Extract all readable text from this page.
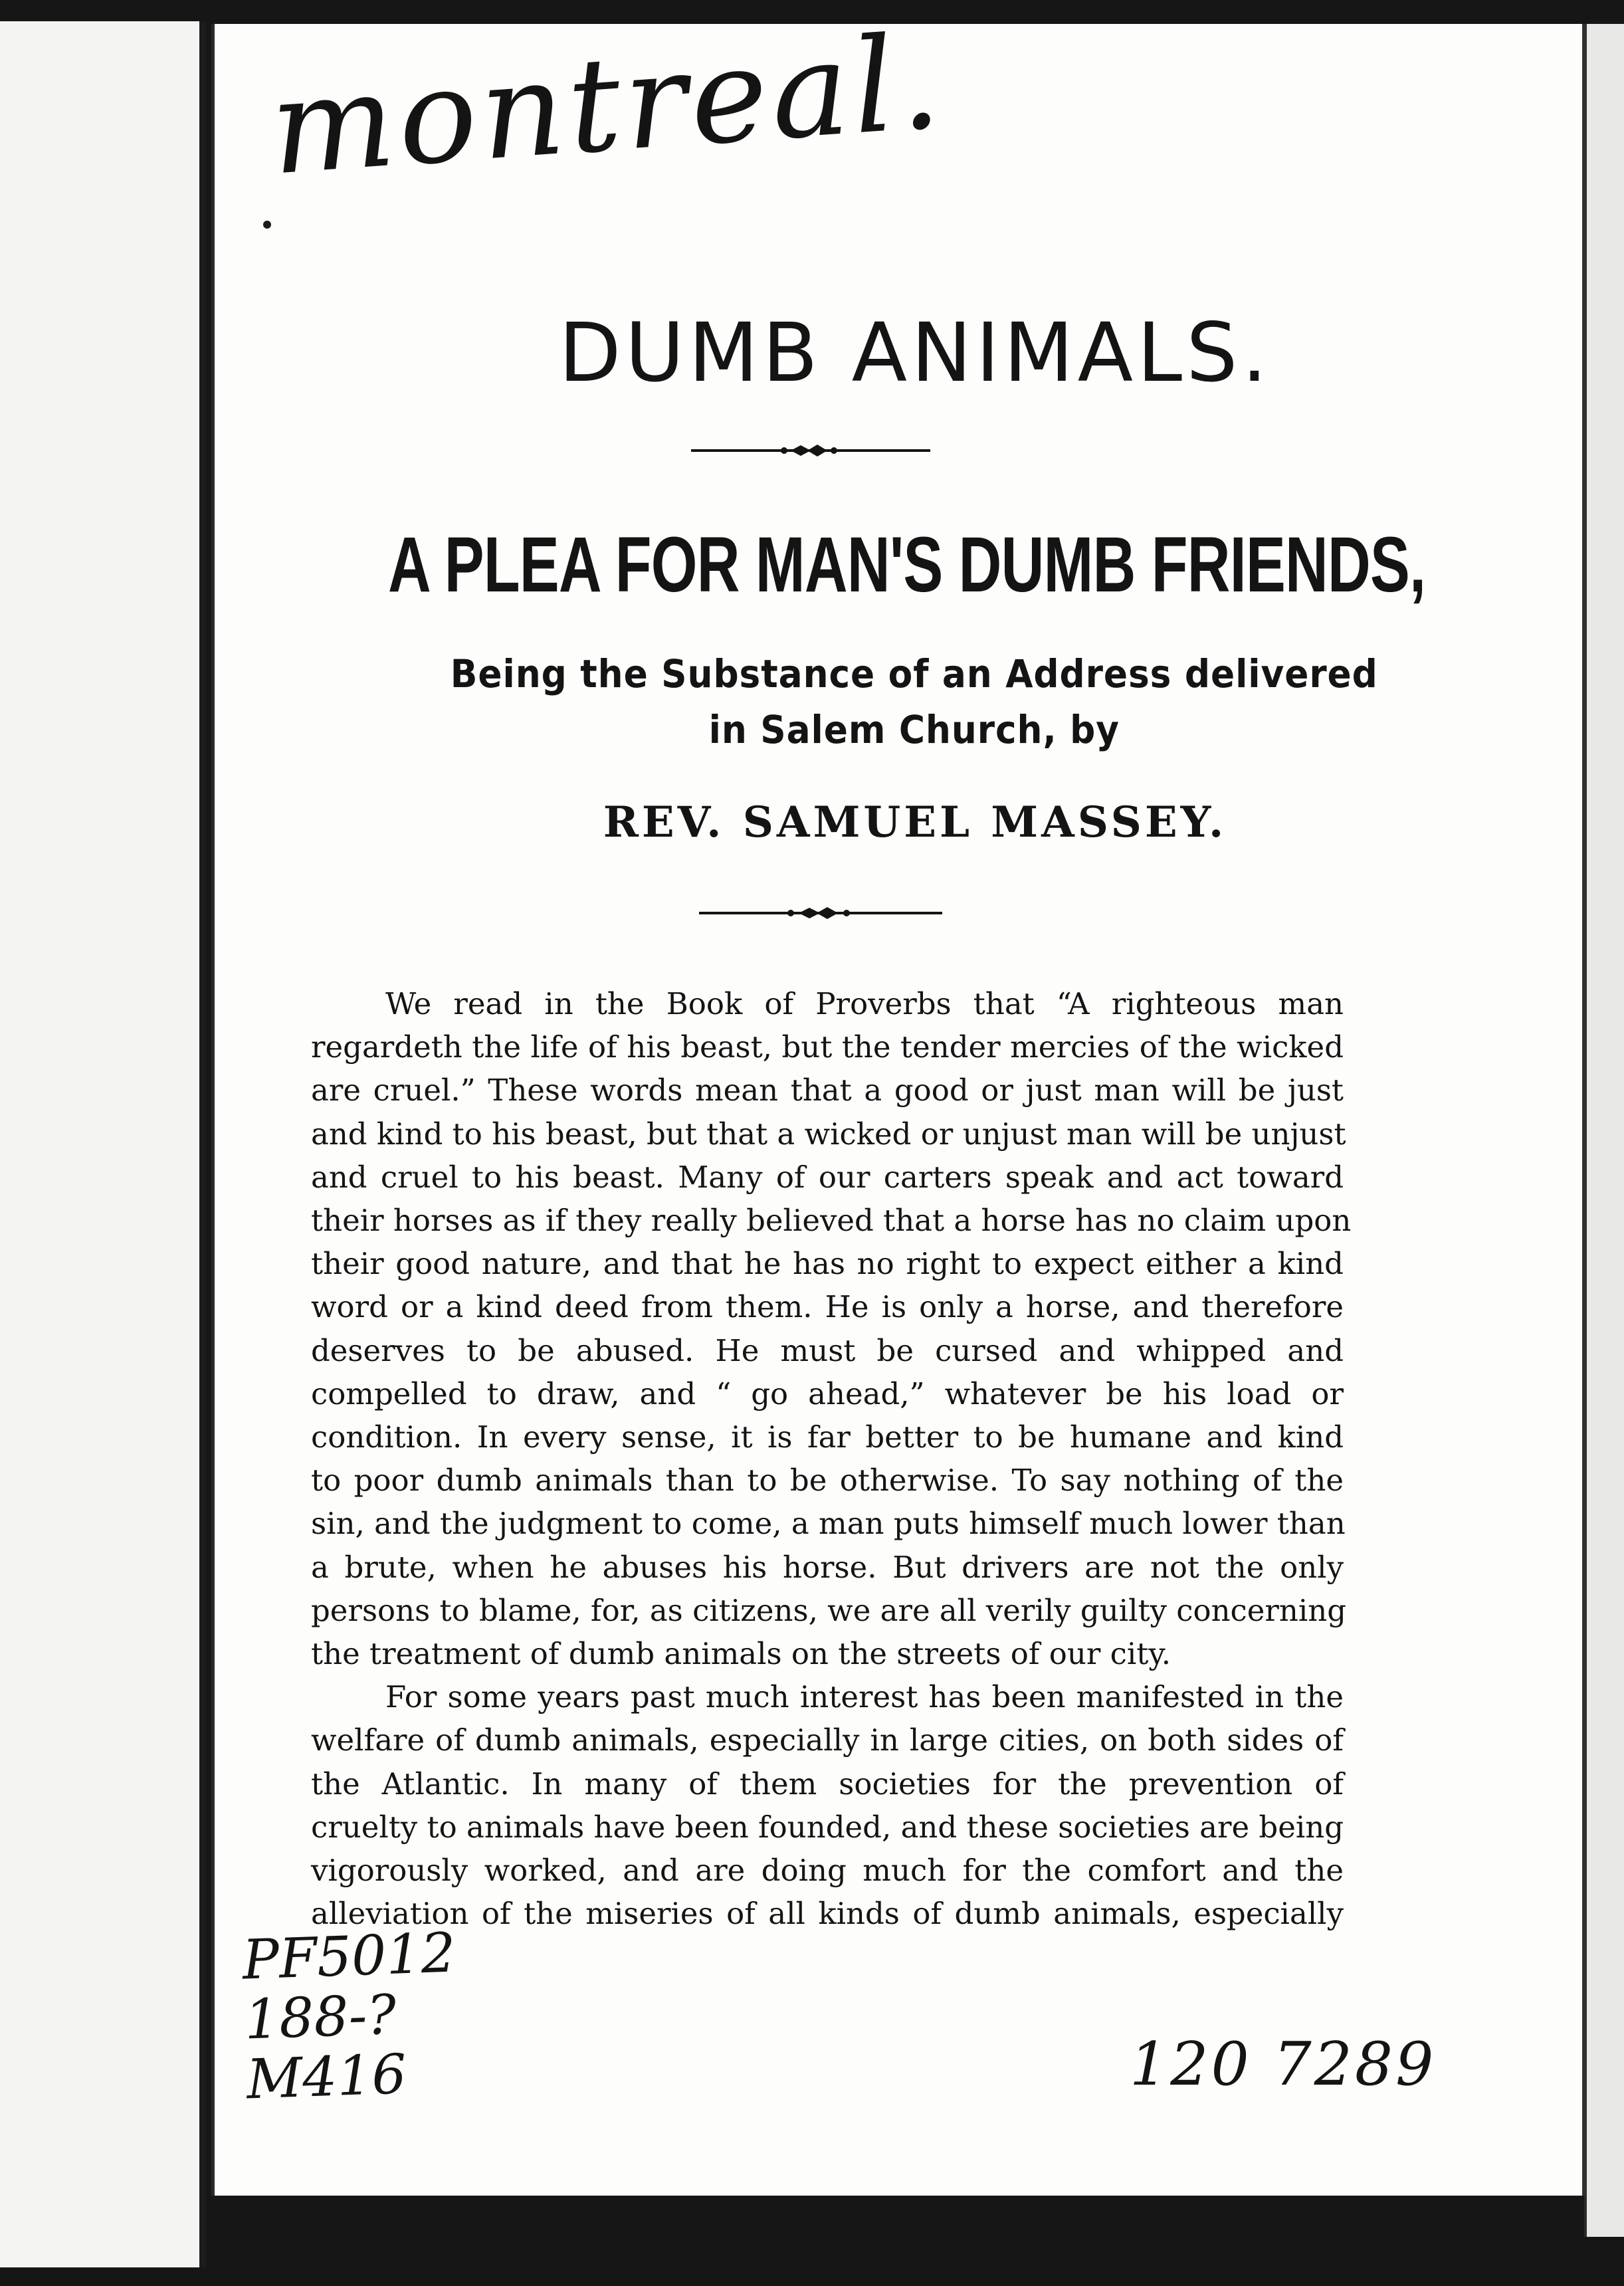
montreal.
DUMB ANIMALS.
A PLEA FOR MAN'S DUMB FRIENDS,
Being the Substance of an Address delivered
in Salem Church, by
REV. SAMUEL MASSEY.
We read in the Book of Proverbs that “A righteous man
regardeth the life of his beast, but the tender mercies of the wicked
are cruel.” These words mean that a good or just man will be just
and kind to his beast, but that a wicked or unjust man will be unjust
and cruel to his beast. Many of our carters speak and act toward
their horses as if they really believed that a horse has no claim upon
their good nature, and that he has no right to expect either a kind
word or a kind deed from them. He is only a horse, and therefore
deserves to be abused. He must be cursed and whipped and
compelled to draw, and “ go ahead,” whatever be his load or
condition. In every sense, it is far better to be humane and kind
to poor dumb animals than to be otherwise. To say nothing of the
sin, and the judgment to come, a man puts himself much lower than
a brute, when he abuses his horse. But drivers are not the only
persons to blame, for, as citizens, we are all verily guilty concerning
the treatment of dumb animals on the streets of our city.
For some years past much interest has been manifested in the
welfare of dumb animals, especially in large cities, on both sides of
the Atlantic. In many of them societies for the prevention of
cruelty to animals have been founded, and these societies are being
vigorously worked, and are doing much for the comfort and the
alleviation of the miseries of all kinds of dumb animals, especially
PF5012
188-?
M416	120 7289
